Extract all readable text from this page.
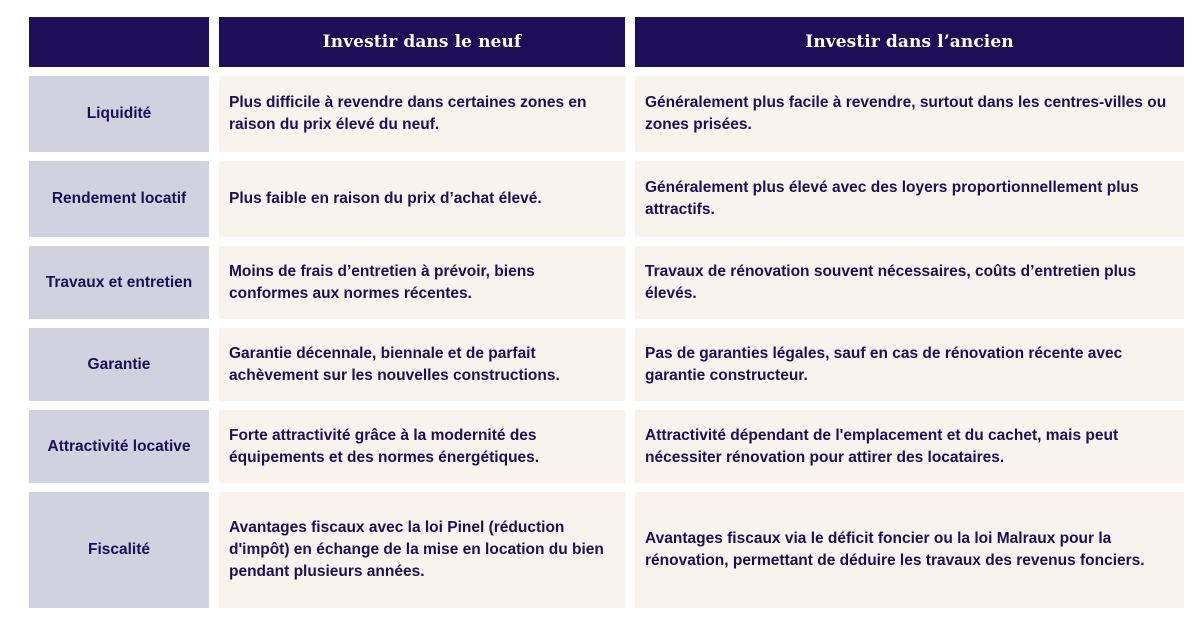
Investir dans le neuf	Investir dans l’ancien
Liquidité
Plus difficile à revendre dans certaines zones en raison du prix élevé du neuf.
Généralement plus facile à revendre, surtout dans les centres-villes ou zones prisées.
Rendement locatif	Plus faible en raison du prix d’achat élevé.
Généralement plus élevé avec des loyers proportionnellement plus attractifs.
Travaux et entretien
Moins de frais d’entretien à prévoir, biens conformes aux normes récentes.
Travaux de rénovation souvent nécessaires, coûts d’entretien plus élevés.
Garantie
Garantie décennale, biennale et de parfait achèvement sur les nouvelles constructions.
Pas de garanties légales, sauf en cas de rénovation récente avec garantie constructeur.
Attractivité locative
Forte attractivité grâce à la modernité des équipements et des normes énergétiques.
Attractivité dépendant de l'emplacement et du cachet, mais peut nécessiter rénovation pour attirer des locataires.
Fiscalité
Avantages fiscaux avec la loi Pinel (réduction d'impôt) en échange de la mise en location du bien pendant plusieurs années.
Avantages fiscaux via le déficit foncier ou la loi Malraux pour la rénovation, permettant de déduire les travaux des revenus fonciers.
